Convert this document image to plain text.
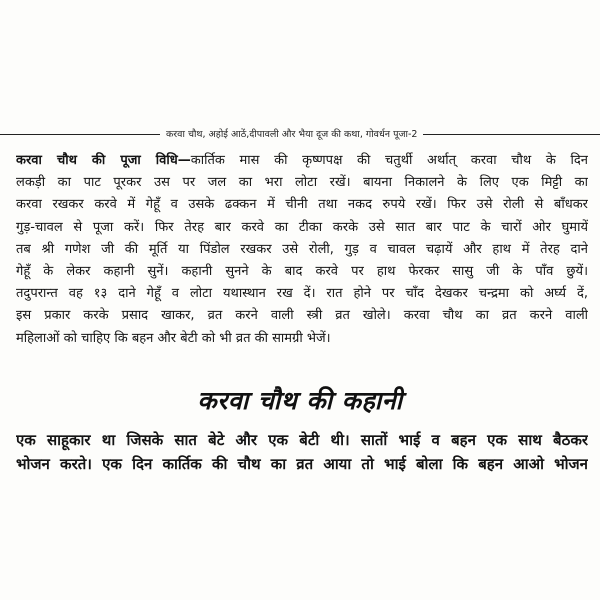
करवा चौथ, अहोई आठें,दीपावली और भैया दूज की कथा, गोवर्धन पूजा-2
करवा चौथ की पूजा विधि—कार्तिक मास की कृष्णपक्ष की चतुर्थी अर्थात् करवा चौथ के दिन
लकड़ी का पाट पूरकर उस पर जल का भरा लोटा रखें। बायना निकालने के लिए एक मिट्टी का
करवा रखकर करवे में गेहूँ व उसके ढक्कन में चीनी तथा नकद रुपये रखें। फिर उसे रोली से बाँधकर
गुड़-चावल से पूजा करें। फिर तेरह बार करवे का टीका करके उसे सात बार पाट के चारों ओर घुमायें
तब श्री गणेश जी की मूर्ति या पिंडोल रखकर उसे रोली, गुड़ व चावल चढ़ायें और हाथ में तेरह दाने
गेहूँ के लेकर कहानी सुनें। कहानी सुनने के बाद करवे पर हाथ फेरकर सासु जी के पाँव छुयें।
तदुपरान्त वह १३ दाने गेहूँ व लोटा यथास्थान रख दें। रात होने पर चाँद देखकर चन्द्रमा को अर्घ्य दें,
इस प्रकार करके प्रसाद खाकर, व्रत करने वाली स्त्री व्रत खोले। करवा चौथ का व्रत करने वाली
महिलाओं को चाहिए कि बहन और बेटी को भी व्रत की सामग्री भेजें।
करवा चौथ की कहानी
एक साहूकार था जिसके सात बेटे और एक बेटी थी। सातों भाई व बहन एक साथ बैठकर
भोजन करते। एक दिन कार्तिक की चौथ का व्रत आया तो भाई बोला कि बहन आओ भोजन
